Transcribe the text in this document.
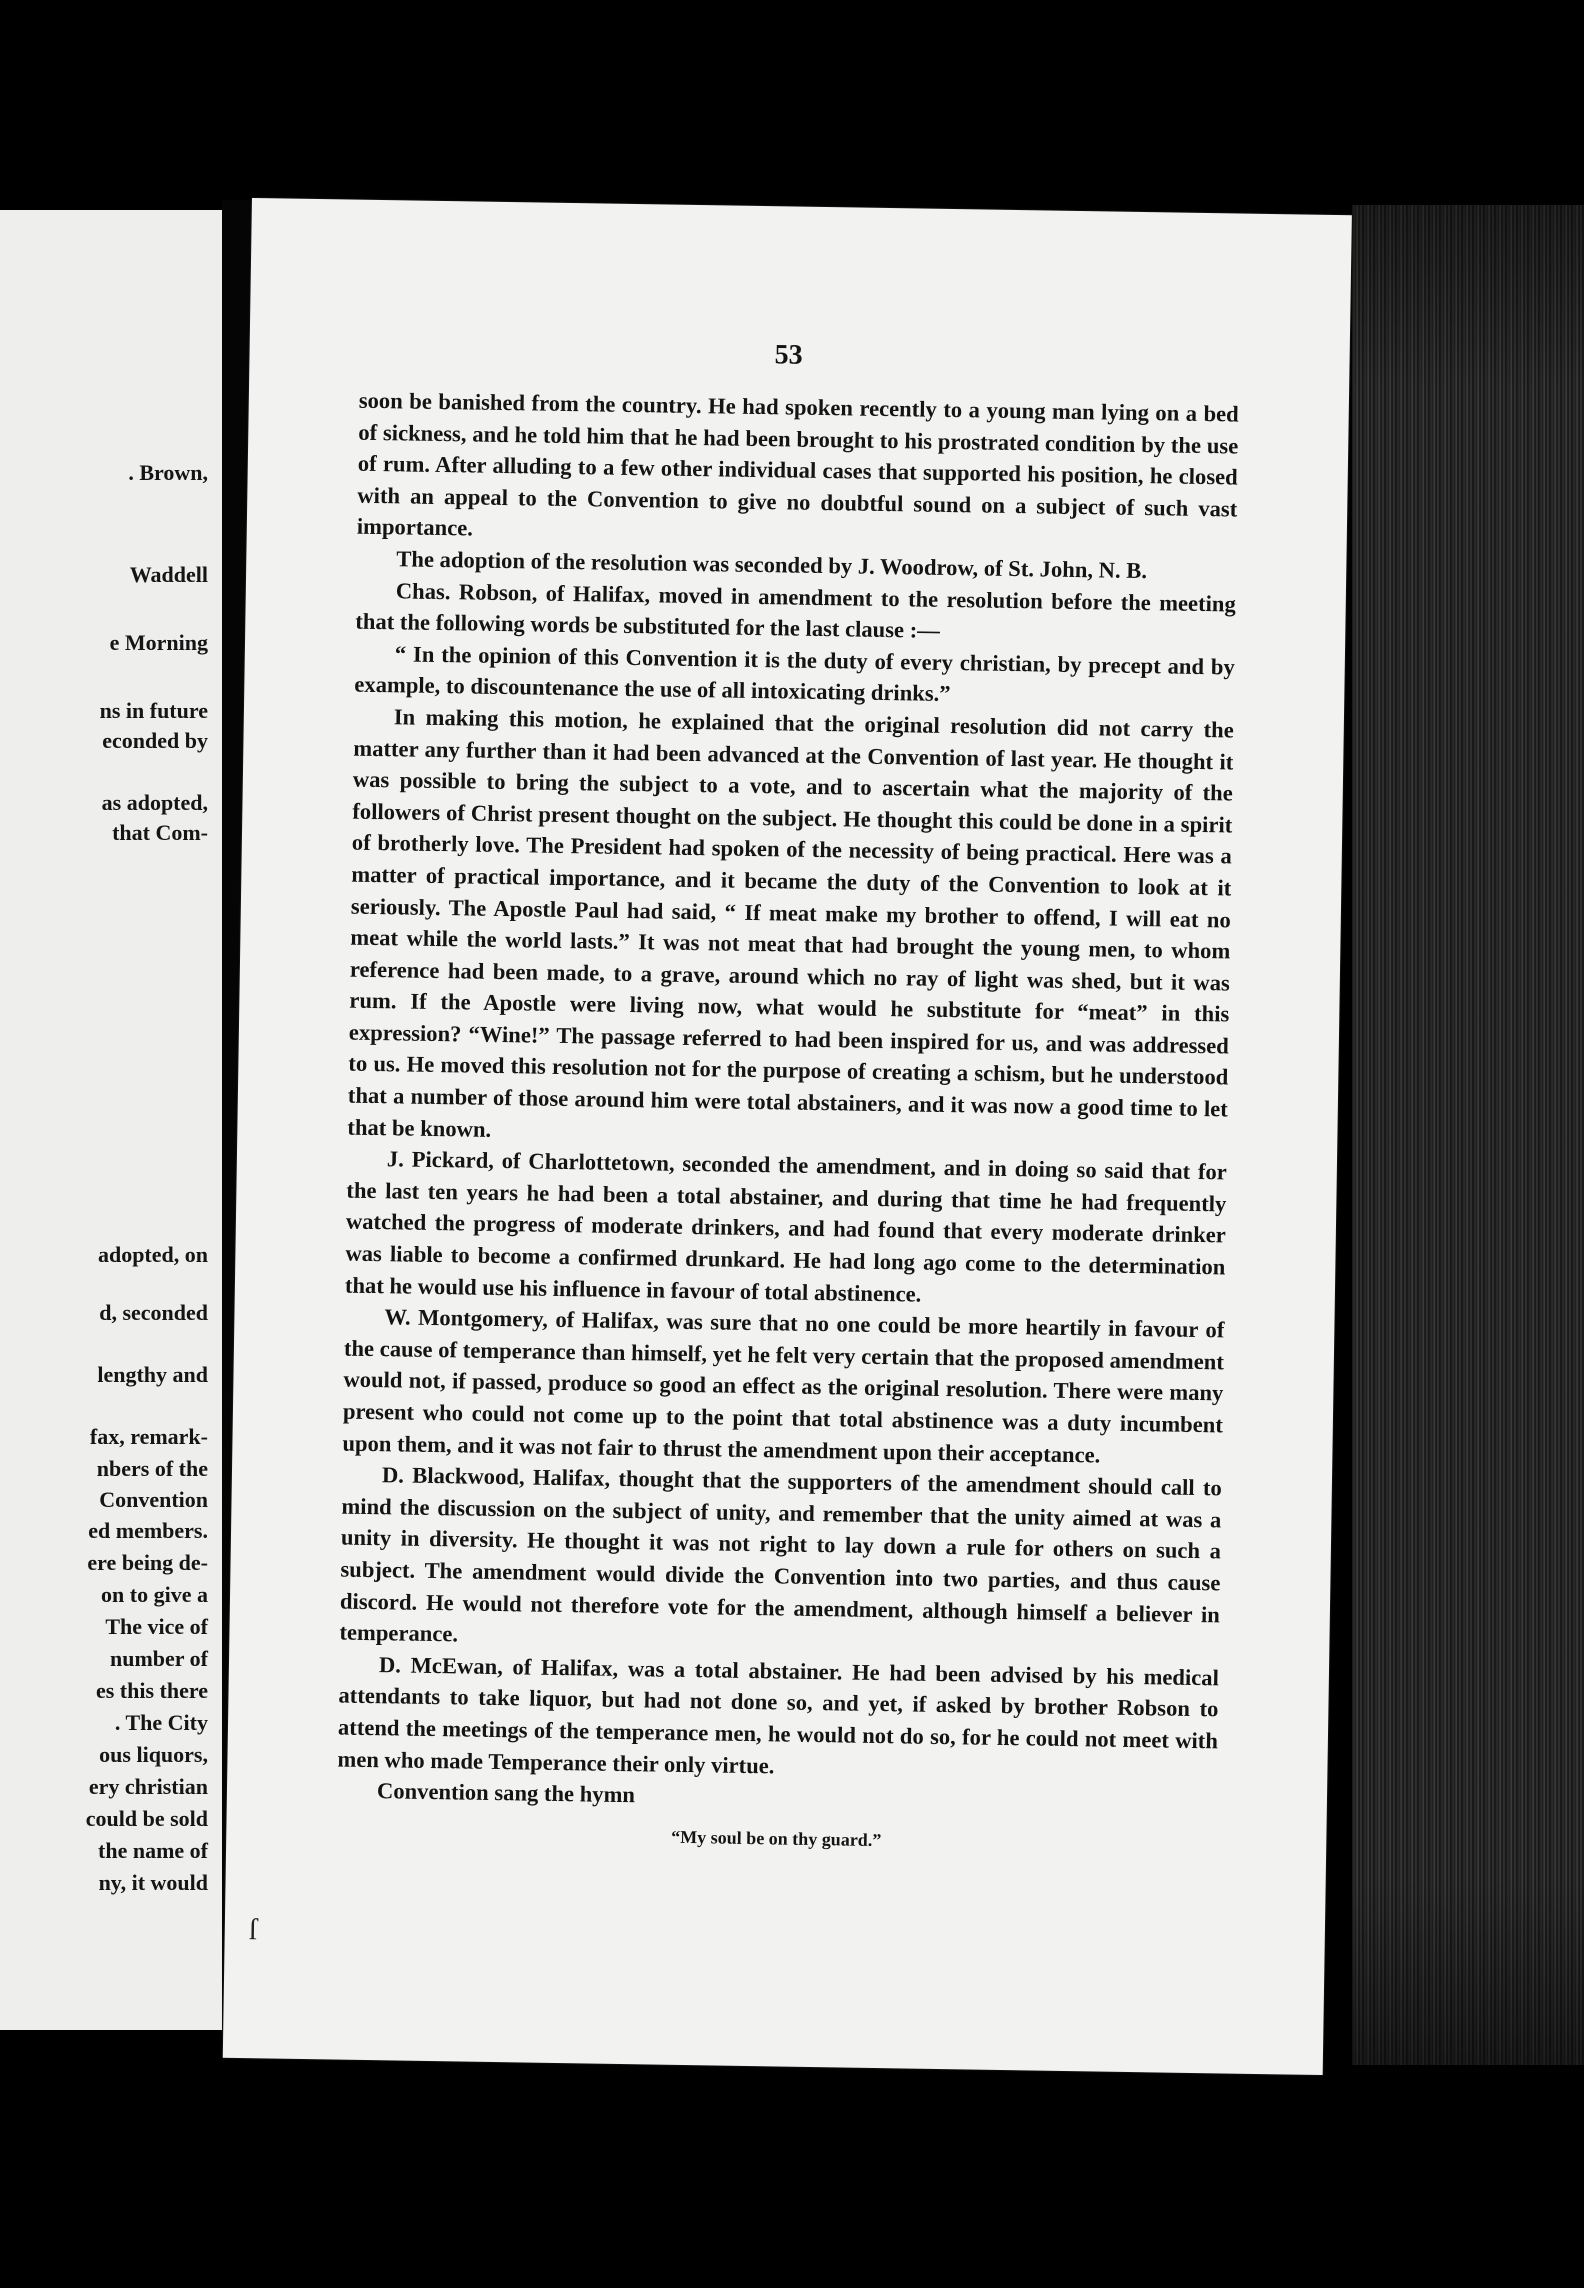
. Brown,
Waddell
e Morning
ns in future
econded by
as adopted,
that Com-
adopted, on
d, seconded
lengthy and
fax, remark-
nbers of the
Convention
ed members.
ere being de-
on to give a
The vice of
number of
es this there
. The City
ous liquors,
ery christian
could be sold
the name of
ny, it would
53
ſ

soon be banished from the country. He had spoken recently to a young man lying on a bed of sickness, and he told him that he had been brought to his prostrated condition by the use of rum. After alluding to a few other individual cases that supported his position, he closed with an appeal to the Convention to give no doubtful sound on a subject of such vast importance.

The adoption of the resolution was seconded by J. Woodrow, of St. John, N. B.

Chas. Robson, of Halifax, moved in amendment to the resolution before the meeting that the following words be substituted for the last clause :—

“ In the opinion of this Convention it is the duty of every christian, by precept and by example, to discountenance the use of all intoxicating drinks.”

In making this motion, he explained that the original resolution did not carry the matter any further than it had been advanced at the Convention of last year. He thought it was possible to bring the subject to a vote, and to ascertain what the majority of the followers of Christ present thought on the subject. He thought this could be done in a spirit of brotherly love. The President had spoken of the necessity of being practical. Here was a matter of practical importance, and it became the duty of the Convention to look at it seriously. The Apostle Paul had said, “ If meat make my brother to offend, I will eat no meat while the world lasts.” It was not meat that had brought the young men, to whom reference had been made, to a grave, around which no ray of light was shed, but it was rum. If the Apostle were living now, what would he substitute for “meat” in this expression? “Wine!” The passage referred to had been inspired for us, and was addressed to us. He moved this resolution not for the purpose of creating a schism, but he understood that a number of those around him were total abstainers, and it was now a good time to let that be known.

J. Pickard, of Charlottetown, seconded the amendment, and in doing so said that for the last ten years he had been a total abstainer, and during that time he had frequently watched the progress of moderate drinkers, and had found that every moderate drinker was liable to become a confirmed drunkard. He had long ago come to the determination that he would use his influence in favour of total abstinence.

W. Montgomery, of Halifax, was sure that no one could be more heartily in favour of the cause of temperance than himself, yet he felt very certain that the proposed amendment would not, if passed, produce so good an effect as the original resolution. There were many present who could not come up to the point that total abstinence was a duty incumbent upon them, and it was not fair to thrust the amendment upon their acceptance.

D. Blackwood, Halifax, thought that the supporters of the amendment should call to mind the discussion on the subject of unity, and remember that the unity aimed at was a unity in diversity. He thought it was not right to lay down a rule for others on such a subject. The amendment would divide the Convention into two parties, and thus cause discord. He would not therefore vote for the amendment, although himself a believer in temperance.

D. McEwan, of Halifax, was a total abstainer. He had been advised by his medical attendants to take liquor, but had not done so, and yet, if asked by brother Robson to attend the meetings of the temperance men, he would not do so, for he could not meet with men who made Temperance their only virtue.

Convention sang the hymn

“My soul be on thy guard.”
